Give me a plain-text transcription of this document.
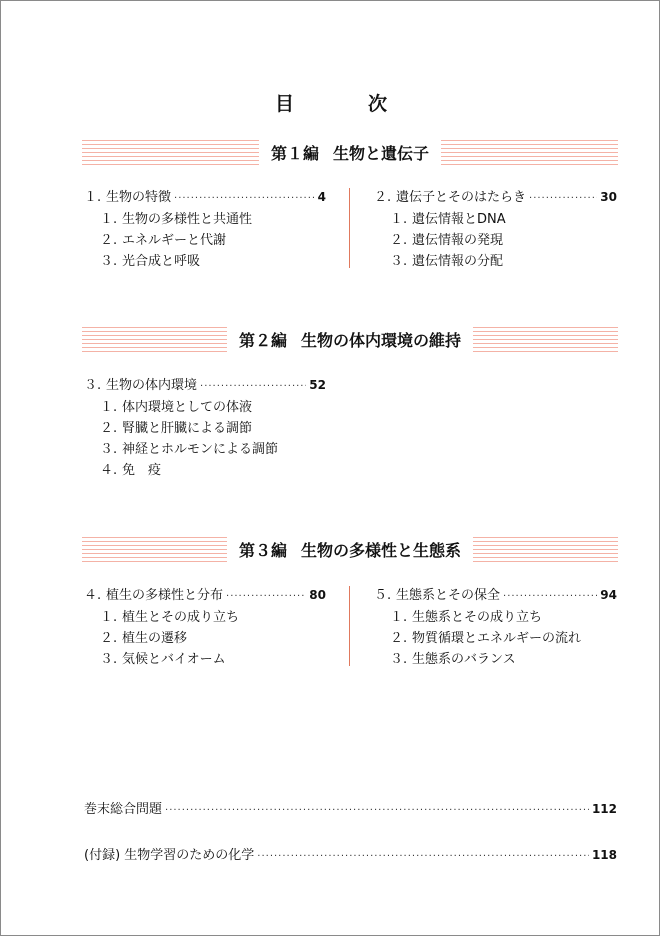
目	次
第１編 生物と遺伝子
１. 生物の特徴 ·····	4
１. 生物の多様性と共通性
２. エネルギーと代謝
３. 光合成と呼吸
２. 遺伝子とそのはたらき ·····	30
１. 遺伝情報とDNA
２. 遺伝情報の発現
３. 遺伝情報の分配
第２編 生物の体内環境の維持
３. 生物の体内環境 ·····	52
１. 体内環境としての体液
２. 腎臓と肝臓による調節
３. 神経とホルモンによる調節
４. 免　疫
第３編 生物の多様性と生態系
４. 植生の多様性と分布 ·····	80
１. 植生とその成り立ち
２. 植生の遷移
３. 気候とバイオーム
５. 生態系とその保全 ·····	94
１. 生態系とその成り立ち
２. 物質循環とエネルギーの流れ
３. 生態系のバランス
巻末総合問題 ·····	112
(付録) 生物学習のための化学 ·····	118
